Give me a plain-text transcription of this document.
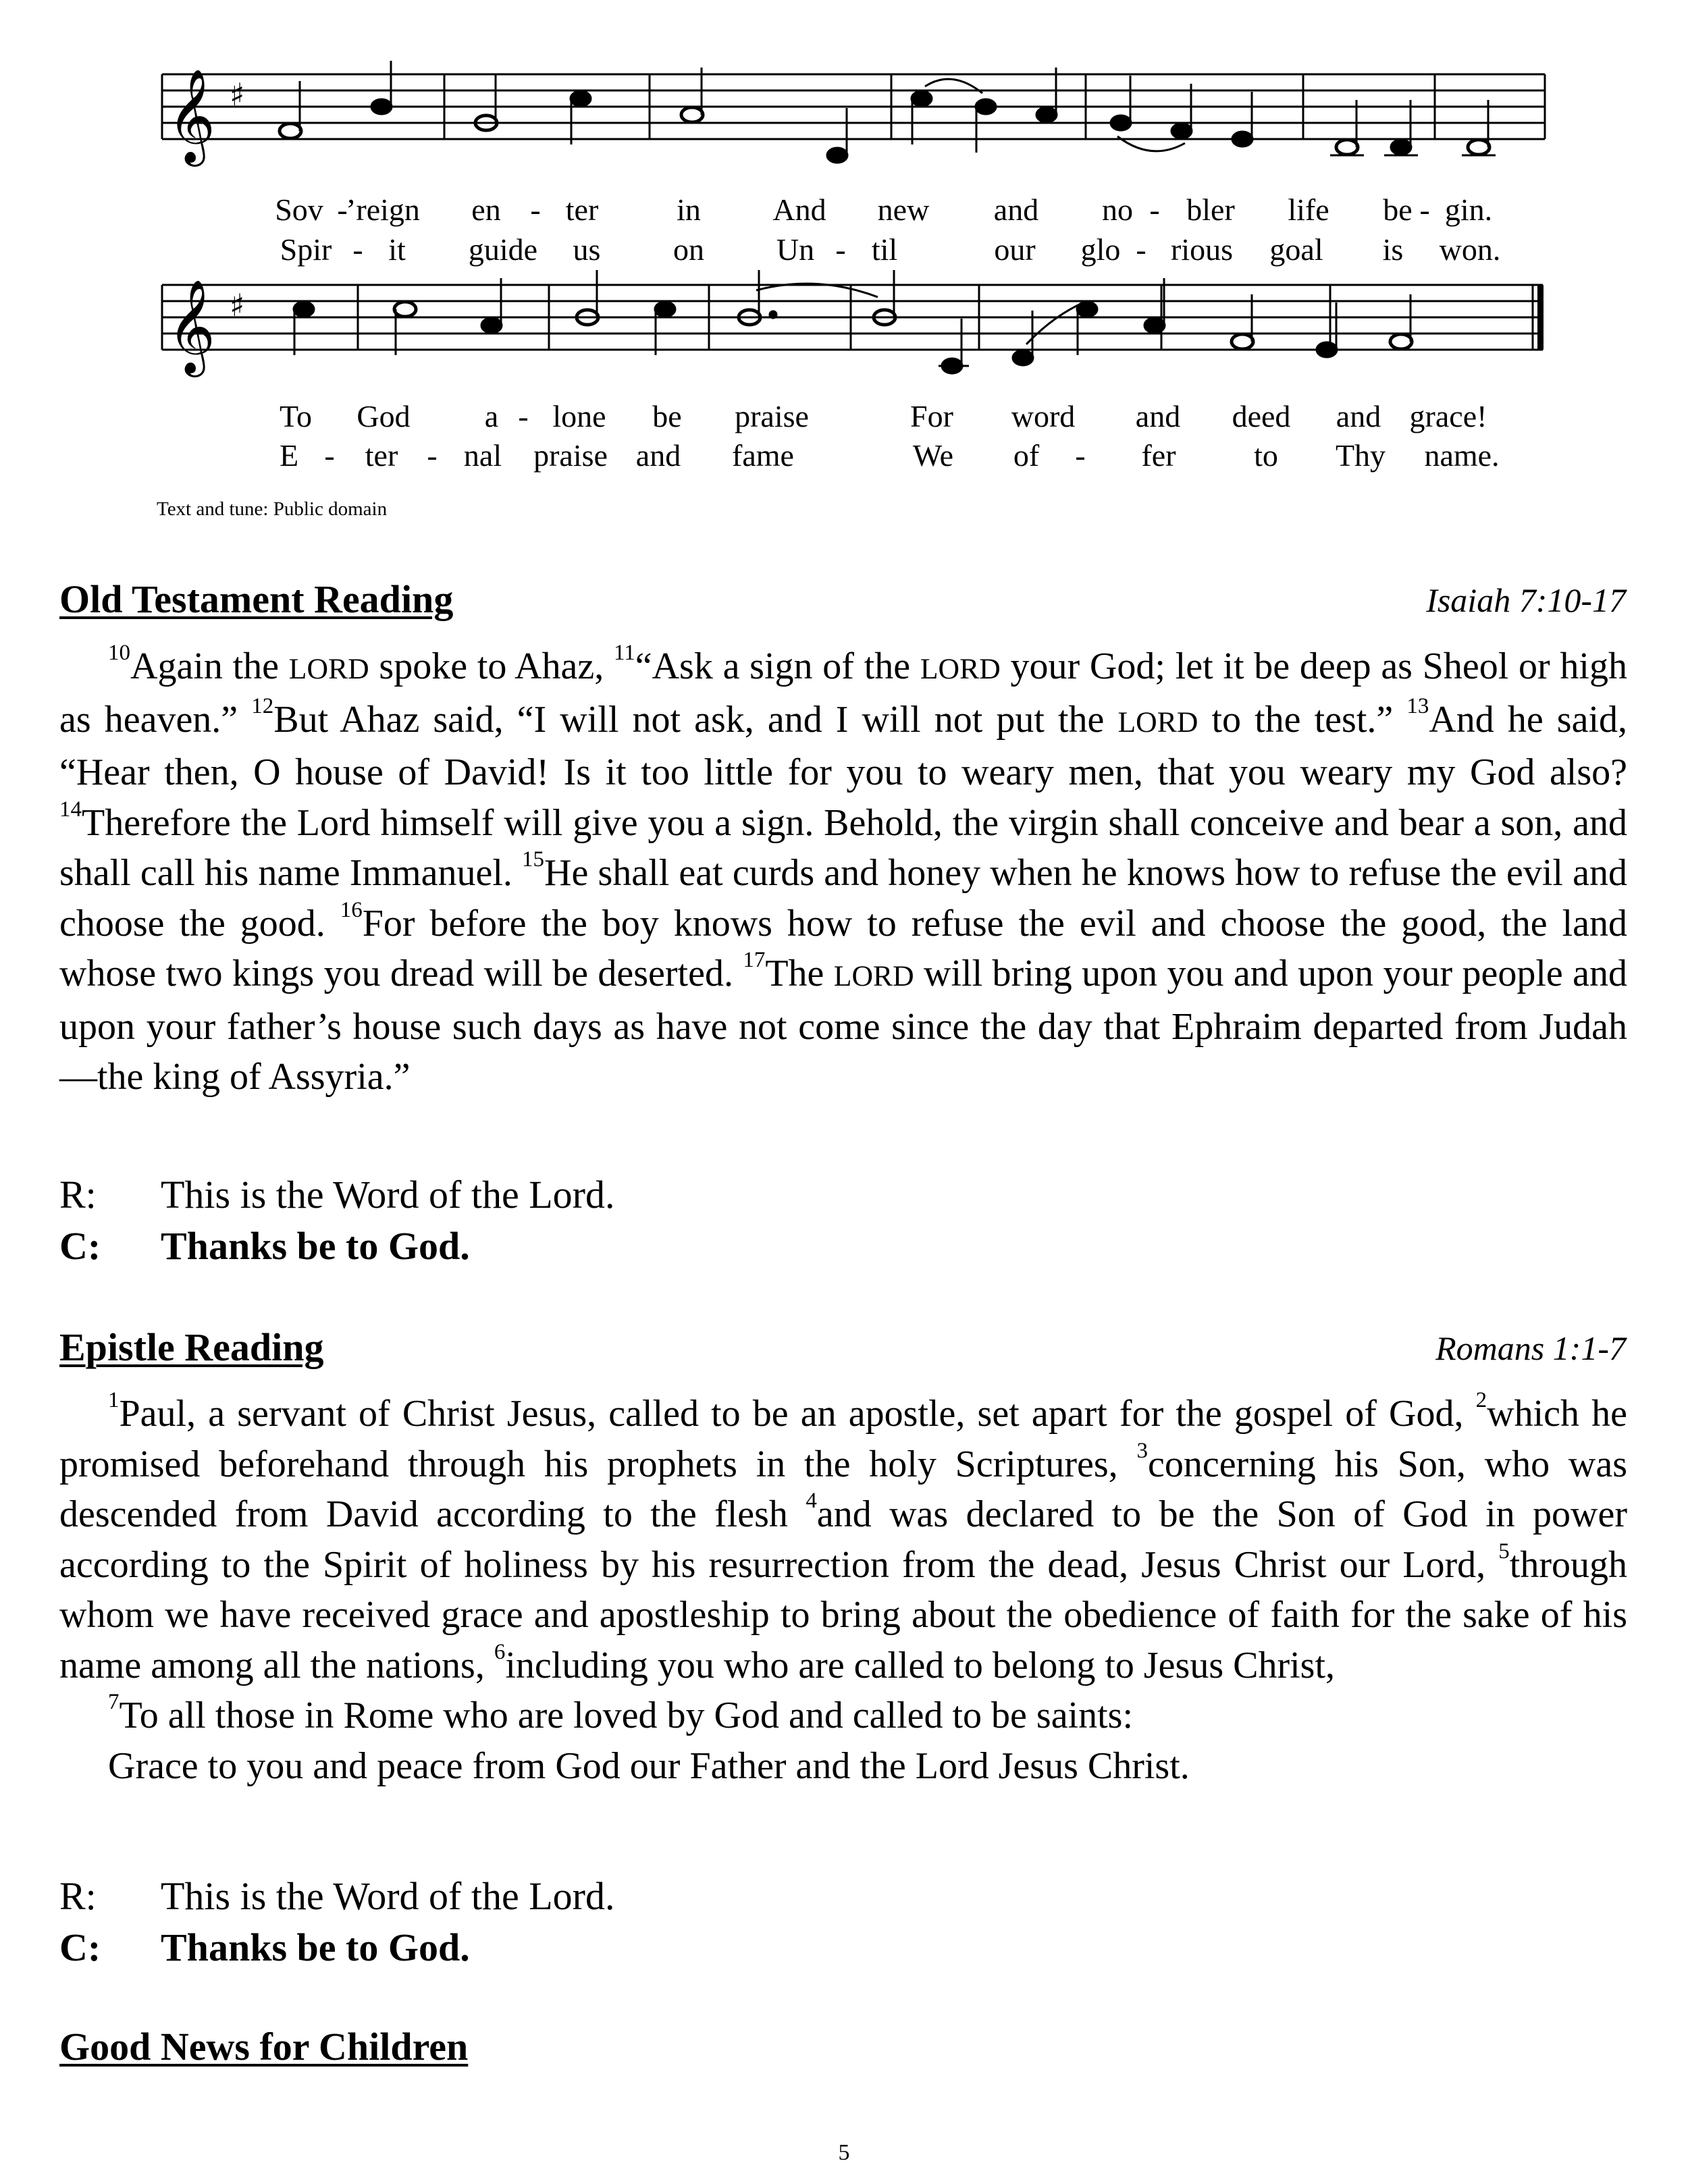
𝄞 ♯
Sov -
’reign en - ter	in And new and no - bler life be - gin.
Spir - it guide us on Un - til	our glo - rious goal is won.
𝄞 ♯
To God a - lone be praise	For word and deed and grace!
E - ter - nal praise and fame	We of - fer	to Thy name.
Text and tune: Public domain
Old Testament Reading	Isaiah 7:10-17

$^{10}$Again the LORD spoke to Ahaz, $^{11}$“Ask a sign of the LORD your God; let it be deep as Sheol or high as heaven.” $^{12}$But Ahaz said, “I will not ask, and I will not put the LORD to the test.” $^{13}$And he said, “Hear then, O house of David! Is it too little for you to weary men, that you weary my God also? $^{14}$Therefore the Lord himself will give you a sign. Behold, the virgin shall conceive and bear a son, and shall call his name Immanuel. $^{15}$He shall eat curds and honey when he knows how to refuse the evil and choose the good. $^{16}$For before the boy knows how to refuse the evil and choose the good, the land whose two kings you dread will be deserted. $^{17}$The LORD will bring upon you and upon your people and upon your father’s house such days as have not come since the day that Ephraim departed from Judah—the king of Assyria.”

R: This is the Word of the Lord.
C: Thanks be to God.
Epistle Reading	Romans 1:1-7

$^1$Paul, a servant of Christ Jesus, called to be an apostle, set apart for the gospel of God, $^2$which he promised beforehand through his prophets in the holy Scriptures, $^3$concerning his Son, who was descended from David according to the flesh $^4$and was declared to be the Son of God in power according to the Spirit of holiness by his resurrection from the dead, Jesus Christ our Lord, $^5$through whom we have received grace and apostleship to bring about the obedience of faith for the sake of his name among all the nations, $^6$including you who are called to belong to Jesus Christ,

$^7$To all those in Rome who are loved by God and called to be saints:

Grace to you and peace from God our Father and the Lord Jesus Christ.

R: This is the Word of the Lord.
C: Thanks be to God.
Good News for Children
5
